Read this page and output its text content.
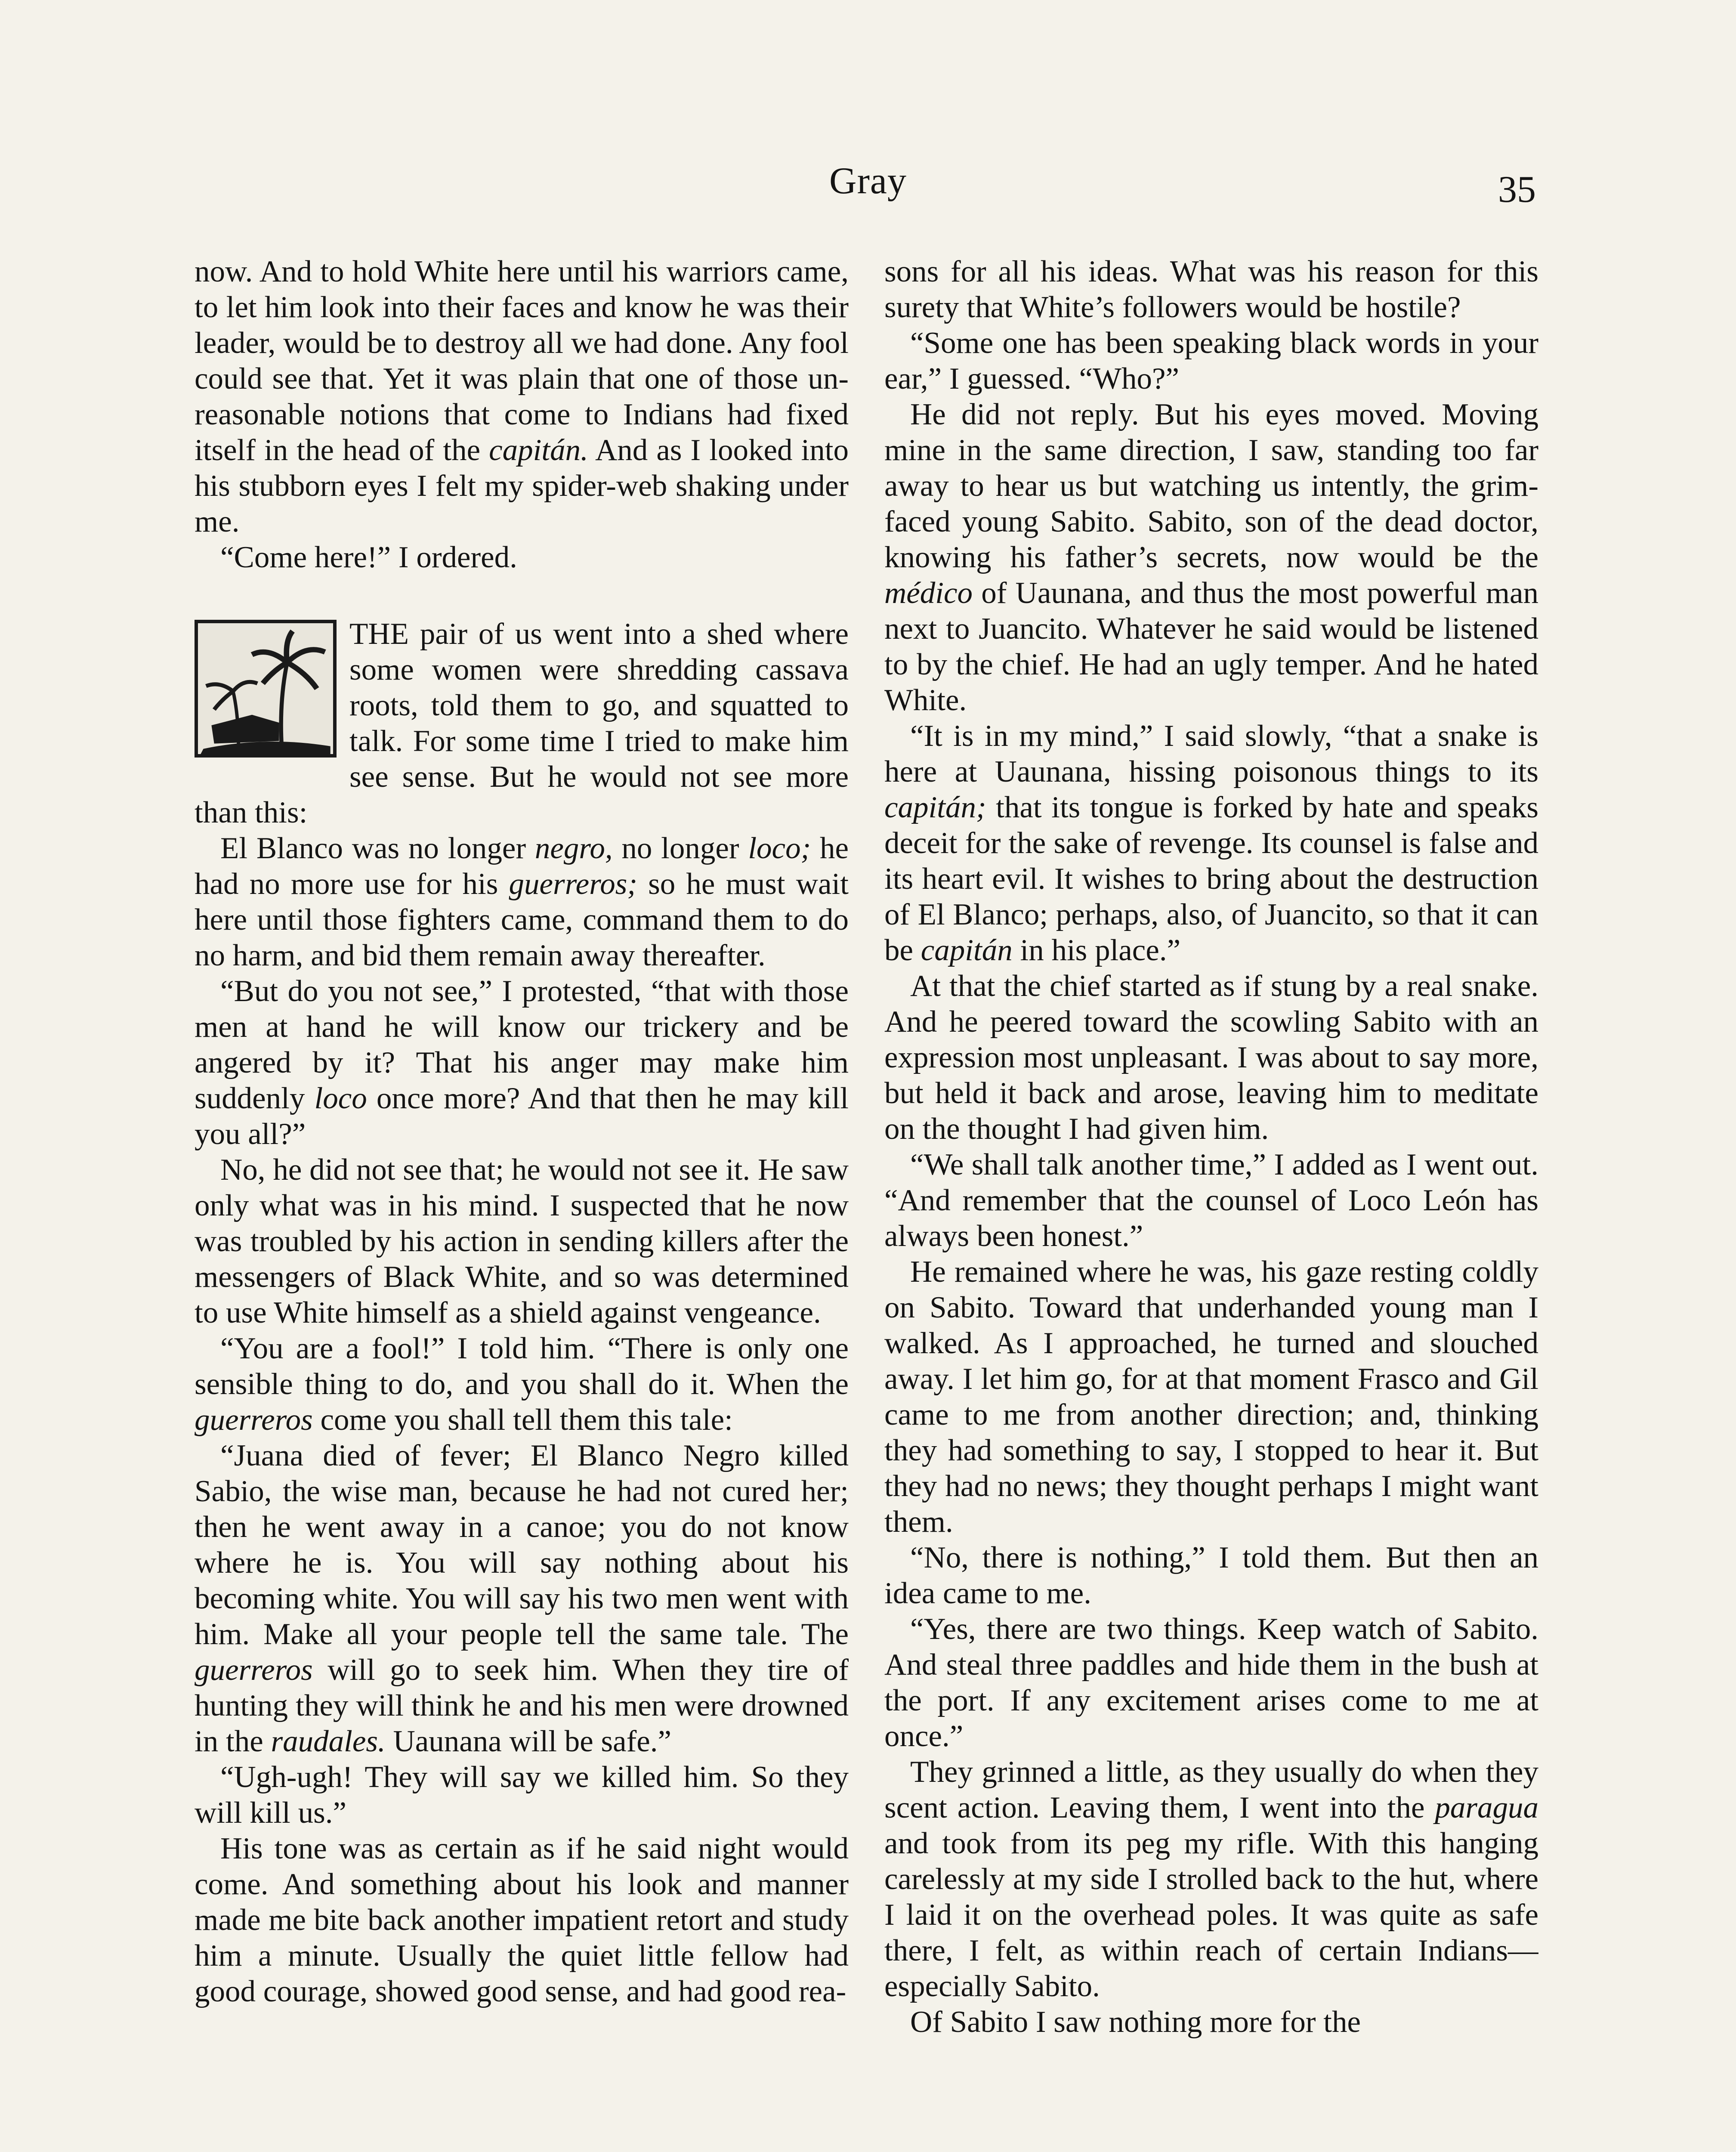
Gray	35

now. And to hold White here until his warriors came, to let him look into their faces and know he was their leader, would be to destroy all we had done. Any fool could see that. Yet it was plain that one of those unreasonable notions that come to Indians had fixed itself in the head of the capitán. And as I looked into his stubborn eyes I felt my spider-web shaking under me.

“Come here!” I ordered.

THE pair of us went into a shed where some women were shredding cassava roots, told them to go, and squatted to talk. For some time I tried to make him see sense. But he would not see more than this:

El Blanco was no longer negro, no longer loco; he had no more use for his guerreros; so he must wait here until those fighters came, command them to do no harm, and bid them remain away thereafter.

“But do you not see,” I protested, “that with those men at hand he will know our trickery and be angered by it? That his anger may make him suddenly loco once more? And that then he may kill you all?”

No, he did not see that; he would not see it. He saw only what was in his mind. I suspected that he now was troubled by his action in sending killers after the messengers of Black White, and so was determined to use White himself as a shield against vengeance.

“You are a fool!” I told him. “There is only one sensible thing to do, and you shall do it. When the guerreros come you shall tell them this tale:

“Juana died of fever; El Blanco Negro killed Sabio, the wise man, because he had not cured her; then he went away in a canoe; you do not know where he is. You will say nothing about his becoming white. You will say his two men went with him. Make all your people tell the same tale. The guerreros will go to seek him. When they tire of hunting they will think he and his men were drowned in the raudales. Uaunana will be safe.”

“Ugh-ugh! They will say we killed him. So they will kill us.”

His tone was as certain as if he said night would come. And something about his look and manner made me bite back another impatient retort and study him a minute. Usually the quiet little fellow had good courage, showed good sense, and had good rea-

sons for all his ideas. What was his reason for this surety that White’s followers would be hostile?

“Some one has been speaking black words in your ear,” I guessed. “Who?”

He did not reply. But his eyes moved. Moving mine in the same direction, I saw, standing too far away to hear us but watching us intently, the grim-faced young Sabito. Sabito, son of the dead doctor, knowing his father’s secrets, now would be the médico of Uaunana, and thus the most powerful man next to Juancito. Whatever he said would be listened to by the chief. He had an ugly temper. And he hated White.

“It is in my mind,” I said slowly, “that a snake is here at Uaunana, hissing poisonous things to its capitán; that its tongue is forked by hate and speaks deceit for the sake of revenge. Its counsel is false and its heart evil. It wishes to bring about the destruction of El Blanco; perhaps, also, of Juancito, so that it can be capitán in his place.”

At that the chief started as if stung by a real snake. And he peered toward the scowling Sabito with an expression most unpleasant. I was about to say more, but held it back and arose, leaving him to meditate on the thought I had given him.

“We shall talk another time,” I added as I went out. “And remember that the counsel of Loco León has always been honest.”

He remained where he was, his gaze resting coldly on Sabito. Toward that underhanded young man I walked. As I approached, he turned and slouched away. I let him go, for at that moment Frasco and Gil came to me from another direction; and, thinking they had something to say, I stopped to hear it. But they had no news; they thought perhaps I might want them.

“No, there is nothing,” I told them. But then an idea came to me.

“Yes, there are two things. Keep watch of Sabito. And steal three paddles and hide them in the bush at the port. If any excitement arises come to me at once.”

They grinned a little, as they usually do when they scent action. Leaving them, I went into the paragua and took from its peg my rifle. With this hanging carelessly at my side I strolled back to the hut, where I laid it on the overhead poles. It was quite as safe there, I felt, as within reach of certain Indians—especially Sabito.

Of Sabito I saw nothing more for the
